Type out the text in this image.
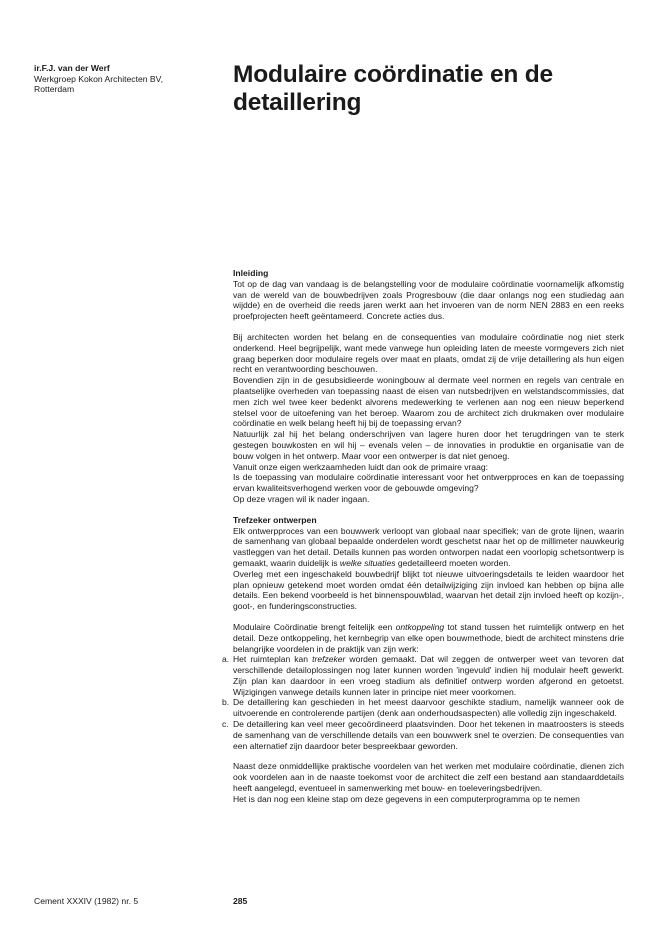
ir.F.J. van der Werf
Werkgroep Kokon Architecten BV,
Rotterdam
Modulaire coördinatie en de
detaillering
Inleiding

Tot op de dag van vandaag is de belangstelling voor de modulaire coördinatie voornamelijk afkomstig van de wereld van de bouwbedrijven zoals Progresbouw (die daar onlangs nog een studiedag aan wijdde) en de overheid die reeds jaren werkt aan het invoeren van de norm NEN 2883 en een reeks proefprojecten heeft geëntameerd. Concrete acties dus.

Bij architecten worden het belang en de consequenties van modulaire coördinatie nog niet sterk onderkend. Heel begrijpelijk, want mede vanwege hun opleiding laten de meeste vormgevers zich niet graag beperken door modulaire regels over maat en plaats, omdat zij de vrije detaillering als hun eigen recht en verantwoording beschouwen.

Bovendien zijn in de gesubsidieerde woningbouw al dermate veel normen en regels van centrale en plaatselijke overheden van toepassing naast de eisen van nutsbedrijven en welstandscommissies, dat men zich wel twee keer bedenkt alvorens medewerking te verlenen aan nog een nieuw beperkend stelsel voor de uitoefening van het beroep. Waarom zou de architect zich drukmaken over modulaire coördinatie en welk belang heeft hij bij de toepassing ervan?

Natuurlijk zal hij het belang onderschrijven van lagere huren door het terugdringen van te sterk gestegen bouwkosten en wil hij – evenals velen – de innovaties in produktie en organisatie van de bouw volgen in het ontwerp. Maar voor een ontwerper is dat niet genoeg.

Vanuit onze eigen werkzaamheden luidt dan ook de primaire vraag:

Is de toepassing van modulaire coördinatie interessant voor het ontwerpproces en kan de toepassing ervan kwaliteitsverhogend werken voor de gebouwde omgeving?

Op deze vragen wil ik nader ingaan.

Trefzeker ontwerpen

Elk ontwerpproces van een bouwwerk verloopt van globaal naar specifiek; van de grote lijnen, waarin de samenhang van globaal bepaalde onderdelen wordt geschetst naar het op de millimeter nauwkeurig vastleggen van het detail. Details kunnen pas worden ontworpen nadat een voorlopig schetsontwerp is gemaakt, waarin duidelijk is welke situaties gedetailleerd moeten worden.

Overleg met een ingeschakeld bouwbedrijf blijkt tot nieuwe uitvoeringsdetails te leiden waardoor het plan opnieuw getekend moet worden omdat één detailwijziging zijn invloed kan hebben op bijna alle details. Een bekend voorbeeld is het binnenspouwblad, waarvan het detail zijn invloed heeft op kozijn-, goot-, en funderingsconstructies.

Modulaire Coördinatie brengt feitelijk een ontkoppeling tot stand tussen het ruimtelijk ontwerp en het detail. Deze ontkoppeling, het kernbegrip van elke open bouwmethode, biedt de architect minstens drie belangrijke voordelen in de praktijk van zijn werk:

a. Het ruimteplan kan trefzeker worden gemaakt. Dat wil zeggen de ontwerper weet van tevoren dat verschillende detailoplossingen nog later kunnen worden 'ingevuld' indien hij modulair heeft gewerkt. Zijn plan kan daardoor in een vroeg stadium als definitief ontwerp worden afgerond en getoetst. Wijzigingen vanwege details kunnen later in principe niet meer voorkomen.

b. De detaillering kan geschieden in het meest daarvoor geschikte stadium, namelijk wanneer ook de uitvoerende en controlerende partijen (denk aan onderhoudsaspecten) alle volledig zijn ingeschakeld.

c. De detaillering kan veel meer gecoördineerd plaatsvinden. Door het tekenen in maatroosters is steeds de samenhang van de verschillende details van een bouwwerk snel te overzien. De consequenties van een alternatief zijn daardoor beter bespreekbaar geworden.

Naast deze onmiddellijke praktische voordelen van het werken met modulaire coördinatie, dienen zich ook voordelen aan in de naaste toekomst voor de architect die zelf een bestand aan standaarddetails heeft aangelegd, eventueel in samenwerking met bouw- en toeleveringsbedrijven.

Het is dan nog een kleine stap om deze gegevens in een computerprogramma op te nemen

Cement XXXIV (1982) nr. 5	285
